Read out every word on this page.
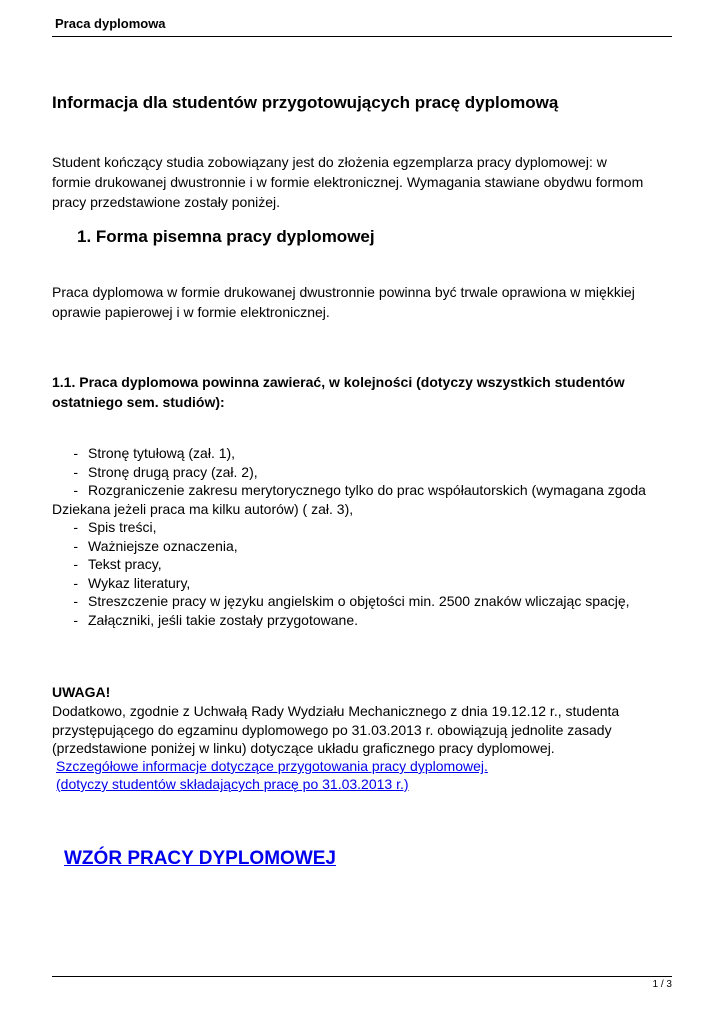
Praca dyplomowa
Informacja dla studentów przygotowujących pracę dyplomową
Student kończący studia zobowiązany jest do złożenia egzemplarza pracy dyplomowej: w
formie drukowanej dwustronnie i w formie elektronicznej. Wymagania stawiane obydwu formom
pracy przedstawione zostały poniżej.
1. Forma pisemna pracy dyplomowej
Praca dyplomowa w formie drukowanej dwustronnie powinna być trwale oprawiona w miękkiej
oprawie papierowej i w formie elektronicznej.
1.1. Praca dyplomowa powinna zawierać, w kolejności (dotyczy wszystkich studentów
ostatniego sem. studiów):
- Stronę tytułową (zał. 1),
- Stronę drugą pracy (zał. 2),
- Rozgraniczenie zakresu merytorycznego tylko do prac współautorskich (wymagana zgoda
Dziekana jeżeli praca ma kilku autorów) ( zał. 3),
- Spis treści,
- Ważniejsze oznaczenia,
- Tekst pracy,
- Wykaz literatury,
- Streszczenie pracy w języku angielskim o objętości min. 2500 znaków wliczając spację,
- Załączniki, jeśli takie zostały przygotowane.
UWAGA!
Dodatkowo, zgodnie z Uchwałą Rady Wydziału Mechanicznego z dnia 19.12.12 r., studenta
przystępującego do egzaminu dyplomowego po 31.03.2013 r. obowiązują jednolite zasady
(przedstawione poniżej w linku) dotyczące układu graficznego pracy dyplomowej.
Szczegółowe informacje dotyczące przygotowania pracy dyplomowej.
(dotyczy studentów składających pracę po 31.03.2013 r.)
WZÓR PRACY DYPLOMOWEJ
1 / 3
